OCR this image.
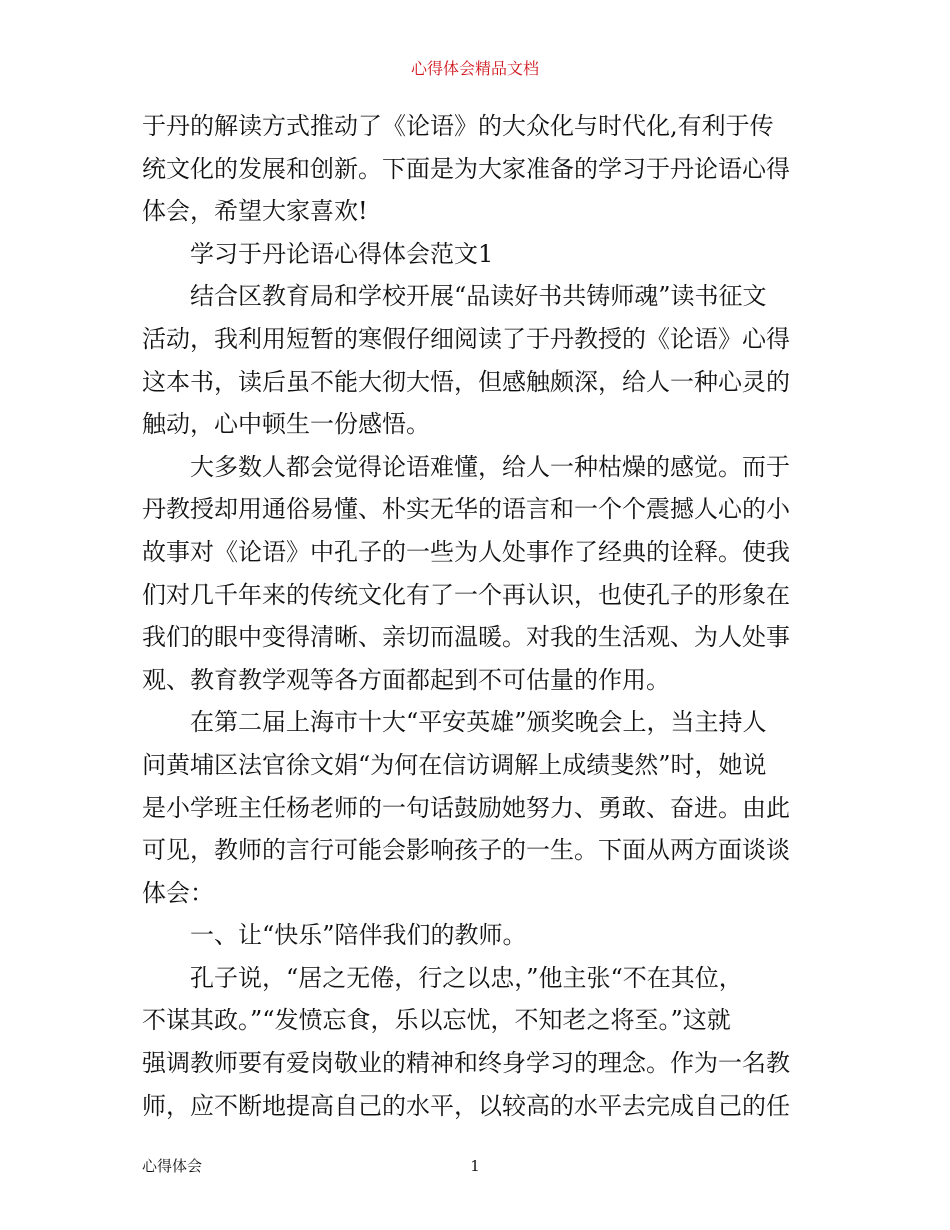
心得体会精品文档
于丹的解读方式推动了《论语》的大众化与时代化,有利于传
统文化的发展和创新。下面是为大家准备的学习于丹论语心得
体会，希望大家喜欢!
学习于丹论语心得体会范文1
结合区教育局和学校开展“品读好书共铸师魂”读书征文
活动，我利用短暂的寒假仔细阅读了于丹教授的《论语》心得
这本书，读后虽不能大彻大悟，但感触颇深，给人一种心灵的
触动，心中顿生一份感悟。
大多数人都会觉得论语难懂，给人一种枯燥的感觉。而于
丹教授却用通俗易懂、朴实无华的语言和一个个震撼人心的小
故事对《论语》中孔子的一些为人处事作了经典的诠释。使我
们对几千年来的传统文化有了一个再认识，也使孔子的形象在
我们的眼中变得清晰、亲切而温暖。对我的生活观、为人处事
观、教育教学观等各方面都起到不可估量的作用。
在第二届上海市十大“平安英雄”颁奖晚会上，当主持人
问黄埔区法官徐文娟“为何在信访调解上成绩斐然”时，她说
是小学班主任杨老师的一句话鼓励她努力、勇敢、奋进。由此
可见，教师的言行可能会影响孩子的一生。下面从两方面谈谈
体会：
一、让“快乐”陪伴我们的教师。
孔子说，“居之无倦，行之以忠，”他主张“不在其位，
不谋其政。”“发愤忘食，乐以忘忧，不知老之将至。”这就
强调教师要有爱岗敬业的精神和终身学习的理念。作为一名教
师，应不断地提高自己的水平，以较高的水平去完成自己的任
心得体会	1
